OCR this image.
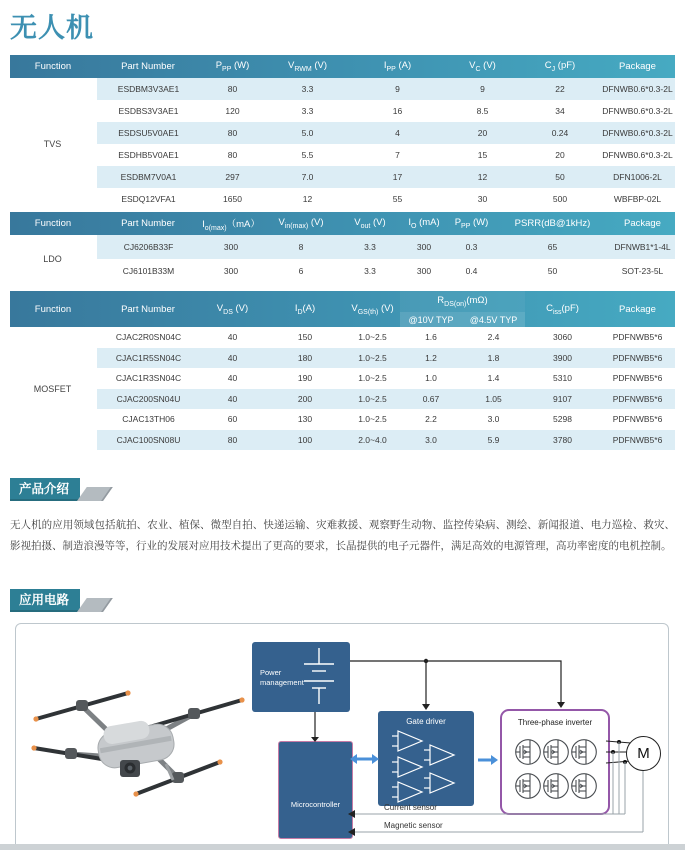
无人机
Function	Part Number	$P_{PP}$ (W)	$V_{RWM}$ (V)	$I_{PP}$ (A)	$V_C$ (V)	$C_J$ (pF)	Package
TVS	ESDBM3V3AE1	80	3.3	9	9	22	DFNWB0.6*0.3-2L
	ESDBS3V3AE1	120	3.3	16	8.5	34	DFNWB0.6*0.3-2L
	ESDSU5V0AE1	80	5.0	4	20	0.24	DFNWB0.6*0.3-2L
	ESDHB5V0AE1	80	5.5	7	15	20	DFNWB0.6*0.3-2L
	ESDBM7V0A1	297	7.0	17	12	50	DFN1006-2L
	ESDQ12VFA1	1650	12	55	30	500	WBFBP-02L
Function	Part Number	$I_{o(max)}(mA)$	$V_{in(max)}$ (V)	$V_{out}$ (V)	$I_O$ (mA)	$P_{PP}$ (W)	PSRR(dB@1kHz)	Package
LDO	CJ6206B33F	300	8	3.3	300	0.3	65	DFNWB1*1-4L
	CJ6101B33M	300	6	3.3	300	0.4	50	SOT-23-5L
Function	Part Number	$V_{DS}$ (V)	$I_D(A)$	$V_{GS(th)}$ (V)	$R_{DS(on)}(m\Omega)$		$C_{iss}(pF)$	Package
					@10V TYP	@4.5V TYP		
MOSFET	CJAC2R0SN04C	40	150	1.0~2.5	1.6	2.4	3060	PDFNWB5*6
	CJAC1R5SN04C	40	180	1.0~2.5	1.2	1.8	3900	PDFNWB5*6
	CJAC1R3SN04C	40	190	1.0~2.5	1.0	1.4	5310	PDFNWB5*6
	CJAC200SN04U	40	200	1.0~2.5	0.67	1.05	9107	PDFNWB5*6
	CJAC13TH06	60	130	1.0~2.5	2.2	3.0	5298	PDFNWB5*6
	CJAC100SN08U	80	100	2.0~4.0	3.0	5.9	3780	PDFNWB5*6
产品介绍
无人机的应用领域包括航拍、农业、植保、微型自拍、快递运输、灾难救援、观察野生动物、监控传染病、测绘、新闻报道、电力巡检、救灾、影视拍摄、制造浪漫等等，行业的发展对应用技术提出了更高的要求，长晶提供的电子元器件，满足高效的电源管理，高功率密度的电机控制。
应用电路
Power management
Microcontroller
Gate driver	Three-phase inverter
M
Current sensor
Magnetic sensor
